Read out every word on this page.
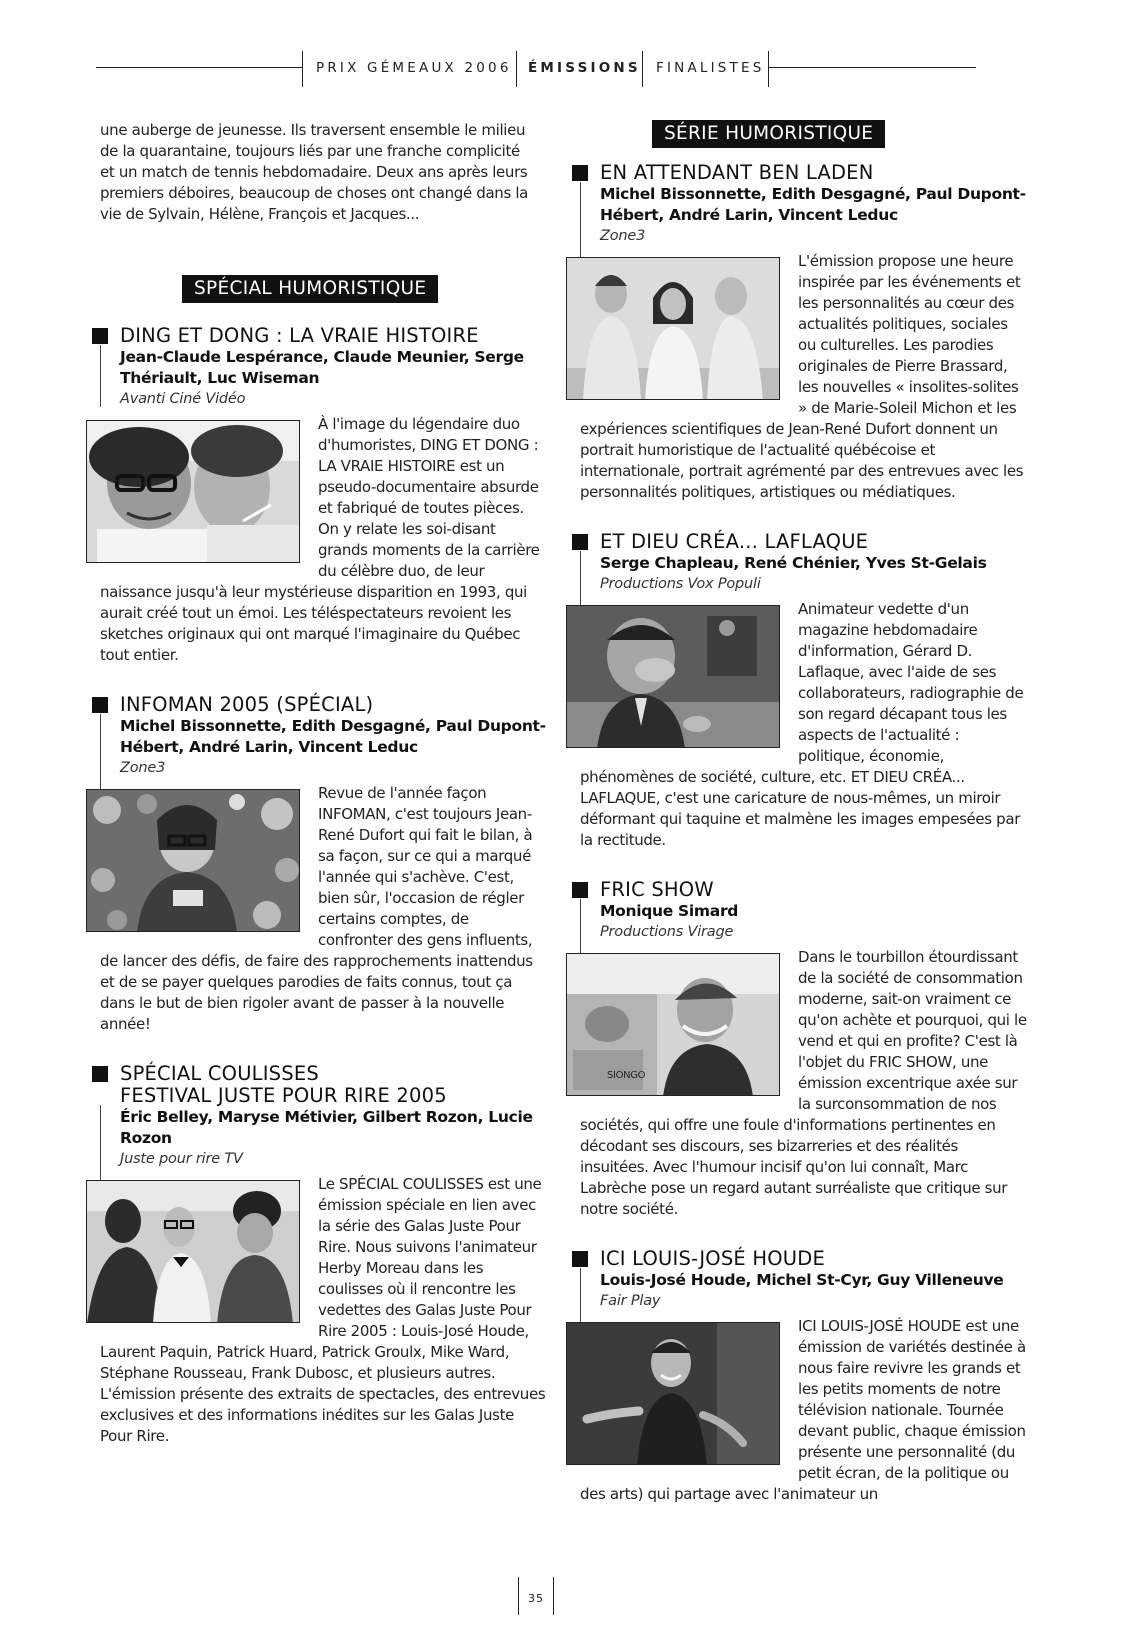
PRIX GÉMEAUX 2006 ÉMISSIONS FINALISTES

une auberge de jeunesse. Ils traversent ensemble le milieu de la quarantaine, toujours liés par une franche complicité et un match de tennis hebdomadaire. Deux ans après leurs premiers déboires, beaucoup de choses ont changé dans la vie de Sylvain, Hélène, François et Jacques...

SPÉCIAL HUMORISTIQUE
DING ET DONG : LA VRAIE HISTOIRE
Jean-Claude Lespérance, Claude Meunier, Serge Thériault, Luc Wiseman
Avanti Ciné Vidéo
À l'image du légendaire duo d'humoristes, DING ET DONG : LA VRAIE HISTOIRE est un pseudo-documentaire absurde et fabriqué de toutes pièces. On y relate les soi-disant grands moments de la carrière du célèbre duo, de leur naissance jusqu'à leur mystérieuse disparition en 1993, qui aurait créé tout un émoi. Les téléspectateurs revoient les sketches originaux qui ont marqué l'imaginaire du Québec tout entier.
INFOMAN 2005 (SPÉCIAL)
Michel Bissonnette, Edith Desgagné, Paul Dupont-Hébert, André Larin, Vincent Leduc
Zone3
Revue de l'année façon INFOMAN, c'est toujours Jean-René Dufort qui fait le bilan, à sa façon, sur ce qui a marqué l'année qui s'achève. C'est, bien sûr, l'occasion de régler certains comptes, de confronter des gens influents, de lancer des défis, de faire des rapprochements inattendus et de se payer quelques parodies de faits connus, tout ça dans le but de bien rigoler avant de passer à la nouvelle année!
SPÉCIAL COULISSES
FESTIVAL JUSTE POUR RIRE 2005
Éric Belley, Maryse Métivier, Gilbert Rozon, Lucie Rozon
Juste pour rire TV
Le SPÉCIAL COULISSES est une émission spéciale en lien avec la série des Galas Juste Pour Rire. Nous suivons l'animateur Herby Moreau dans les coulisses où il rencontre les vedettes des Galas Juste Pour Rire 2005 : Louis-José Houde, Laurent Paquin, Patrick Huard, Patrick Groulx, Mike Ward, Stéphane Rousseau, Frank Dubosc, et plusieurs autres. L'émission présente des extraits de spectacles, des entrevues exclusives et des informations inédites sur les Galas Juste Pour Rire.
SÉRIE HUMORISTIQUE
EN ATTENDANT BEN LADEN
Michel Bissonnette, Edith Desgagné, Paul Dupont-Hébert, André Larin, Vincent Leduc
Zone3
L'émission propose une heure inspirée par les événements et les personnalités au cœur des actualités politiques, sociales ou culturelles. Les parodies originales de Pierre Brassard, les nouvelles « insolites-solites » de Marie-Soleil Michon et les expériences scientifiques de Jean-René Dufort donnent un portrait humoristique de l'actualité québécoise et internationale, portrait agrémenté par des entrevues avec les personnalités politiques, artistiques ou médiatiques.
ET DIEU CRÉA... LAFLAQUE
Serge Chapleau, René Chénier, Yves St-Gelais
Productions Vox Populi
Animateur vedette d'un magazine hebdomadaire d'information, Gérard D. Laflaque, avec l'aide de ses collaborateurs, radiographie de son regard décapant tous les aspects de l'actualité : politique, économie, phénomènes de société, culture, etc. ET DIEU CRÉA... LAFLAQUE, c'est une caricature de nous-mêmes, un miroir déformant qui taquine et malmène les images empesées par la rectitude.
FRIC SHOW
Monique Simard
Productions Virage
SIONGO
Dans le tourbillon étourdissant de la société de consommation moderne, sait-on vraiment ce qu'on achète et pourquoi, qui le vend et qui en profite? C'est là l'objet du FRIC SHOW, une émission excentrique axée sur la surconsommation de nos sociétés, qui offre une foule d'informations pertinentes en décodant ses discours, ses bizarreries et des réalités insuitées. Avec l'humour incisif qu'on lui connaît, Marc Labrèche pose un regard autant surréaliste que critique sur notre société.
ICI LOUIS-JOSÉ HOUDE
Louis-José Houde, Michel St-Cyr, Guy Villeneuve
Fair Play
ICI LOUIS-JOSÉ HOUDE est une émission de variétés destinée à nous faire revivre les grands et les petits moments de notre télévision nationale. Tournée devant public, chaque émission présente une personnalité (du petit écran, de la politique ou des arts) qui partage avec l'animateur un
35
